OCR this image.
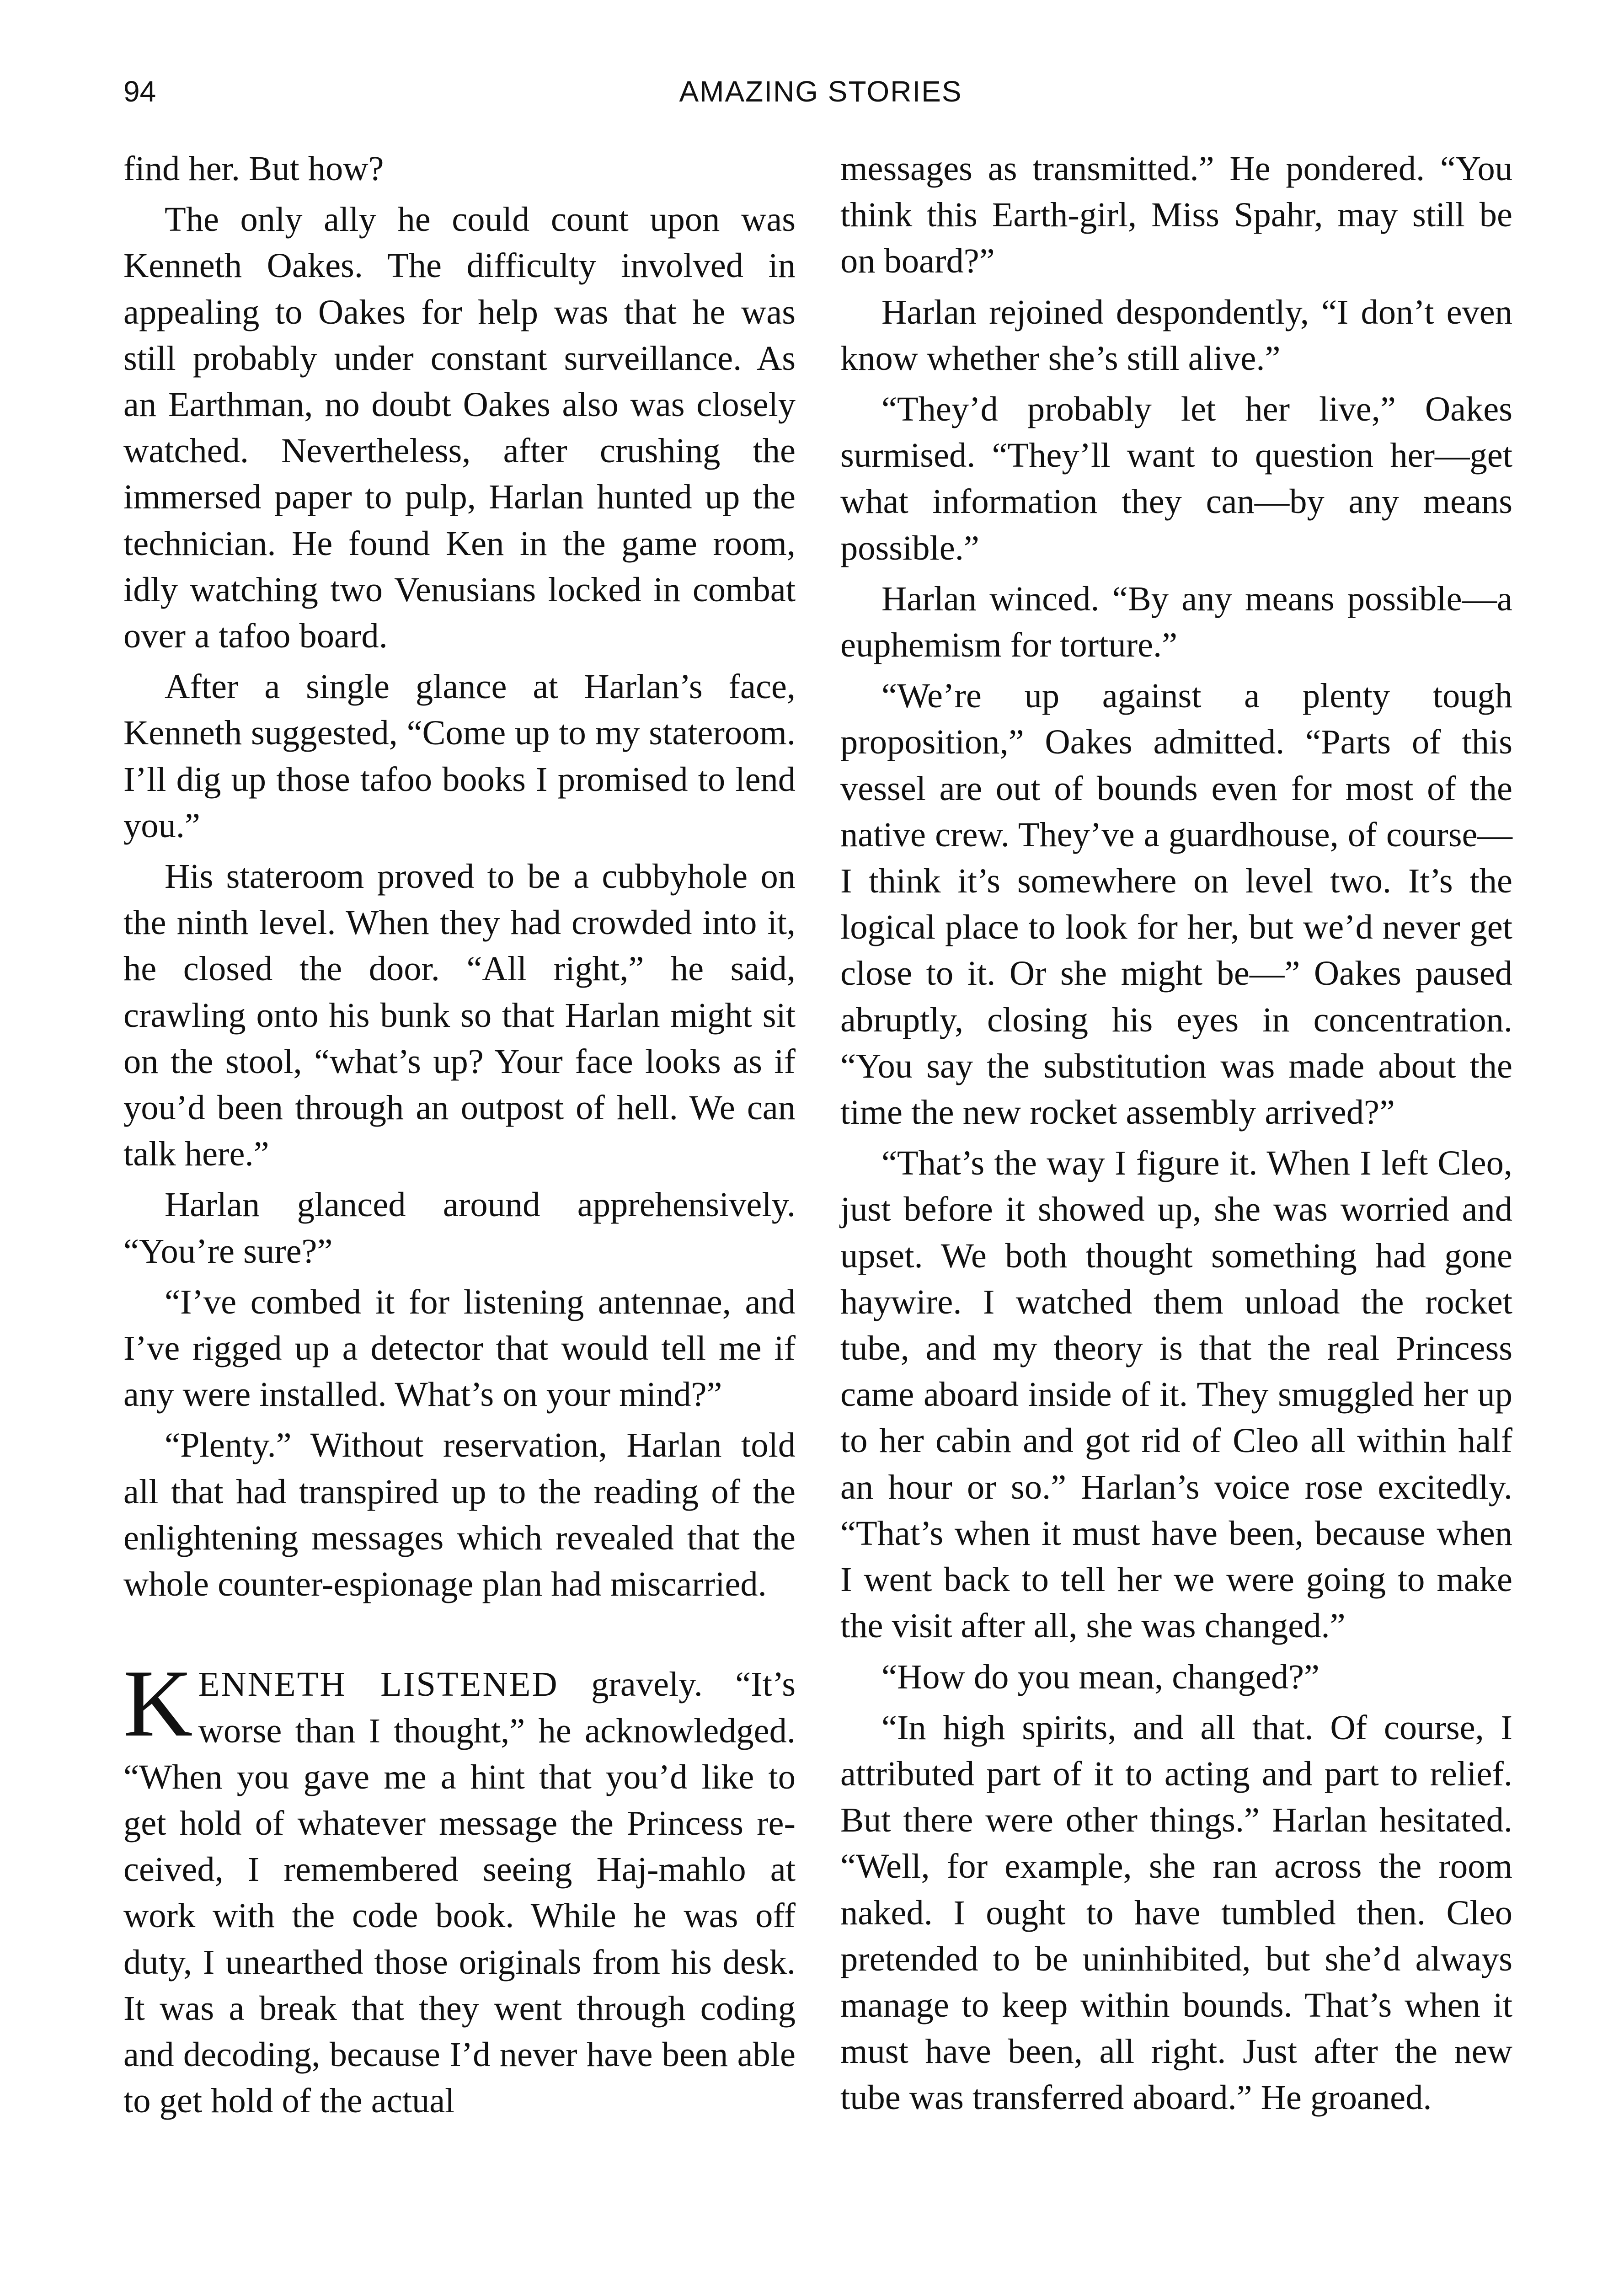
94	AMAZING STORIES

find her. But how?

The only ally he could count upon was Kenneth Oakes. The difficulty involved in appealing to Oakes for help was that he was still probably under constant surveillance. As an Earthman, no doubt Oakes also was closely watched. Nevertheless, after crushing the immersed paper to pulp, Harlan hunted up the technician. He found Ken in the game room, idly watching two Venusians locked in combat over a tafoo board.

After a single glance at Harlan’s face, Kenneth suggested, “Come up to my stateroom. I’ll dig up those tafoo books I promised to lend you.”

His stateroom proved to be a cubbyhole on the ninth level. When they had crowded into it, he closed the door. “All right,” he said, crawling onto his bunk so that Harlan might sit on the stool, “what’s up? Your face looks as if you’d been through an outpost of hell. We can talk here.”

Harlan glanced around apprehensively. “You’re sure?”

“I’ve combed it for listening antennae, and I’ve rigged up a detector that would tell me if any were installed. What’s on your mind?”

“Plenty.” Without reservation, Harlan told all that had transpired up to the reading of the enlightening messages which revealed that the whole counter-espionage plan had miscarried.

KENNETH LISTENED gravely. “It’s worse than I thought,” he acknowledged. “When you gave me a hint that you’d like to get hold of whatever message the Princess received, I remembered seeing Haj-mahlo at work with the code book. While he was off duty, I unearthed those originals from his desk. It was a break that they went through coding and decoding, because I’d never have been able to get hold of the actual

messages as transmitted.” He pondered. “You think this Earth-girl, Miss Spahr, may still be on board?”

Harlan rejoined despondently, “I don’t even know whether she’s still alive.”

“They’d probably let her live,” Oakes surmised. “They’ll want to question her—get what information they can—by any means possible.”

Harlan winced. “By any means possible—a euphemism for torture.”

“We’re up against a plenty tough proposition,” Oakes admitted. “Parts of this vessel are out of bounds even for most of the native crew. They’ve a guardhouse, of course—I think it’s somewhere on level two. It’s the logical place to look for her, but we’d never get close to it. Or she might be—” Oakes paused abruptly, closing his eyes in concentration. “You say the substitution was made about the time the new rocket assembly arrived?”

“That’s the way I figure it. When I left Cleo, just before it showed up, she was worried and upset. We both thought something had gone haywire. I watched them unload the rocket tube, and my theory is that the real Princess came aboard inside of it. They smuggled her up to her cabin and got rid of Cleo all within half an hour or so.” Harlan’s voice rose excitedly. “That’s when it must have been, because when I went back to tell her we were going to make the visit after all, she was changed.”

“How do you mean, changed?”

“In high spirits, and all that. Of course, I attributed part of it to acting and part to relief. But there were other things.” Harlan hesitated. “Well, for example, she ran across the room naked. I ought to have tumbled then. Cleo pretended to be uninhibited, but she’d always manage to keep within bounds. That’s when it must have been, all right. Just after the new tube was transferred aboard.” He groaned.
